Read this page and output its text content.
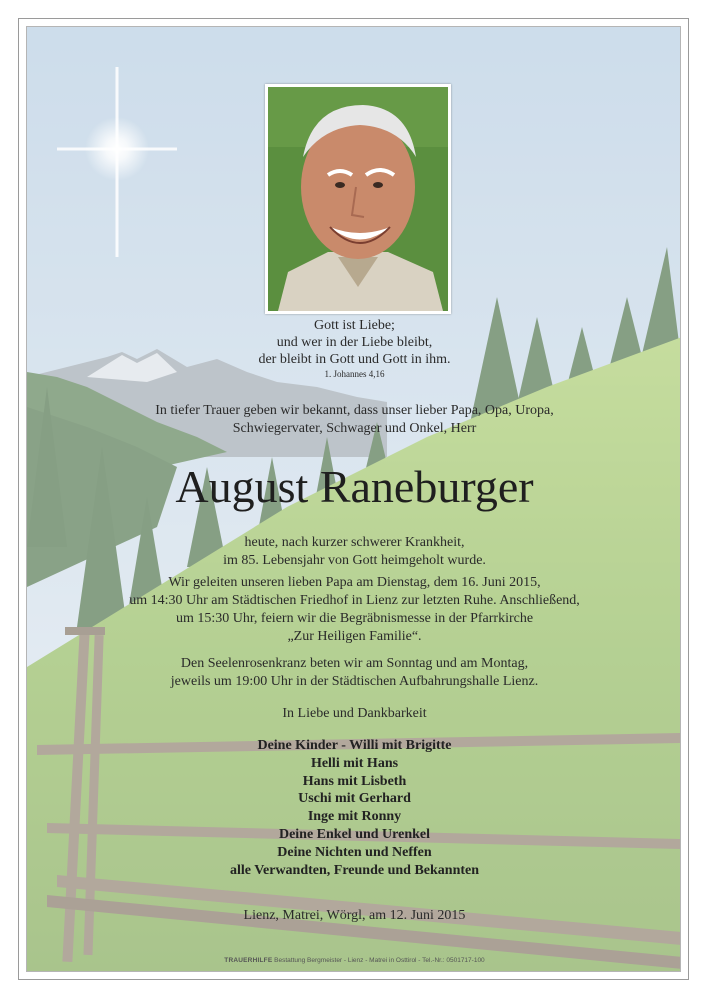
Gott ist Liebe;
und wer in der Liebe bleibt,
der bleibt in Gott und Gott in ihm.
1. Johannes 4,16
In tiefer Trauer geben wir bekannt, dass unser lieber Papa, Opa, Uropa,
Schwiegervater, Schwager und Onkel, Herr
August Raneburger
heute, nach kurzer schwerer Krankheit,
im 85. Lebensjahr von Gott heimgeholt wurde.
Wir geleiten unseren lieben Papa am Dienstag, dem 16. Juni 2015,
um 14:30 Uhr am Städtischen Friedhof in Lienz zur letzten Ruhe. Anschließend,
um 15:30 Uhr, feiern wir die Begräbnismesse in der Pfarrkirche
„Zur Heiligen Familie“.
Den Seelenrosenkranz beten wir am Sonntag und am Montag,
jeweils um 19:00 Uhr in der Städtischen Aufbahrungshalle Lienz.
In Liebe und Dankbarkeit
Deine Kinder - Willi mit Brigitte
Helli mit Hans
Hans mit Lisbeth
Uschi mit Gerhard
Inge mit Ronny
Deine Enkel und Urenkel
Deine Nichten und Neffen
alle Verwandten, Freunde und Bekannten
Lienz, Matrei, Wörgl, am 12. Juni 2015
TRAUERHILFE Bestattung Bergmeister - Lienz - Matrei in Osttirol - Tel.-Nr.: 0501717-100
